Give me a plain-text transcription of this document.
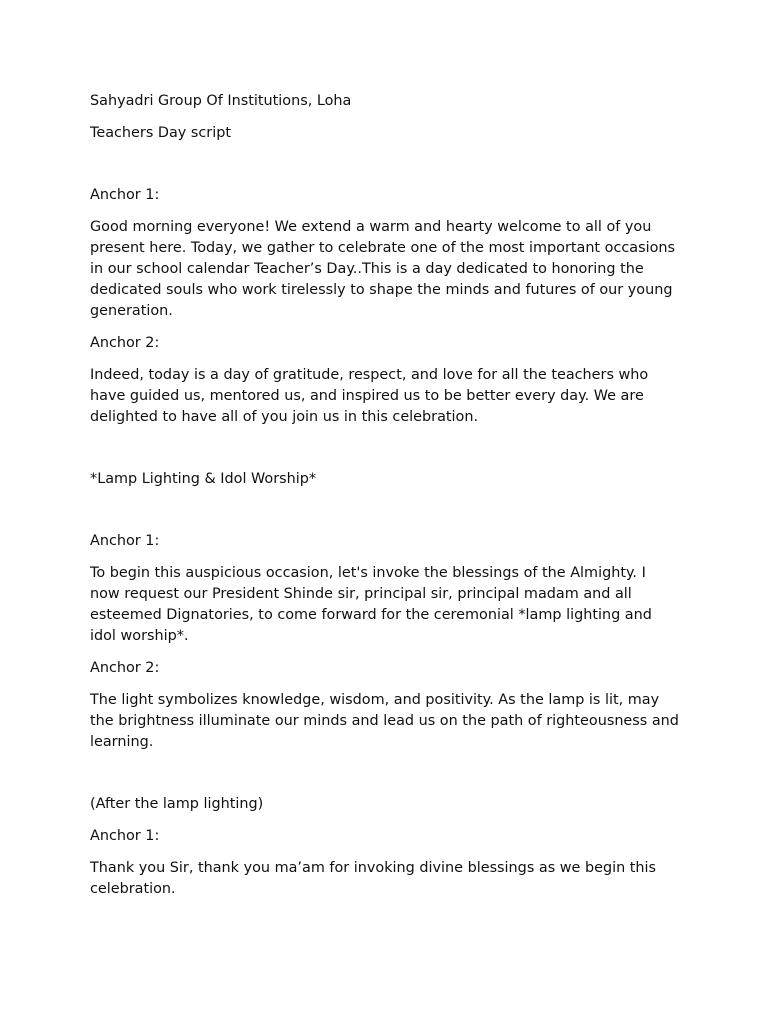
Sahyadri Group Of Institutions, Loha

Teachers Day script

Anchor 1:

Good morning everyone! We extend a warm and hearty welcome to all of you present here. Today, we gather to celebrate one of the most important occasions in our school calendar Teacher’s Day..This is a day dedicated to honoring the dedicated souls who work tirelessly to shape the minds and futures of our young generation.

Anchor 2:

Indeed, today is a day of gratitude, respect, and love for all the teachers who have guided us, mentored us, and inspired us to be better every day. We are delighted to have all of you join us in this celebration.

*Lamp Lighting & Idol Worship*

Anchor 1:

To begin this auspicious occasion, let's invoke the blessings of the Almighty. I now request our President Shinde sir, principal sir, principal madam and all esteemed Dignatories, to come forward for the ceremonial *lamp lighting and idol worship*.

Anchor 2:

The light symbolizes knowledge, wisdom, and positivity. As the lamp is lit, may the brightness illuminate our minds and lead us on the path of righteousness and learning.

(After the lamp lighting)

Anchor 1:

Thank you Sir, thank you ma’am for invoking divine blessings as we begin this celebration.
